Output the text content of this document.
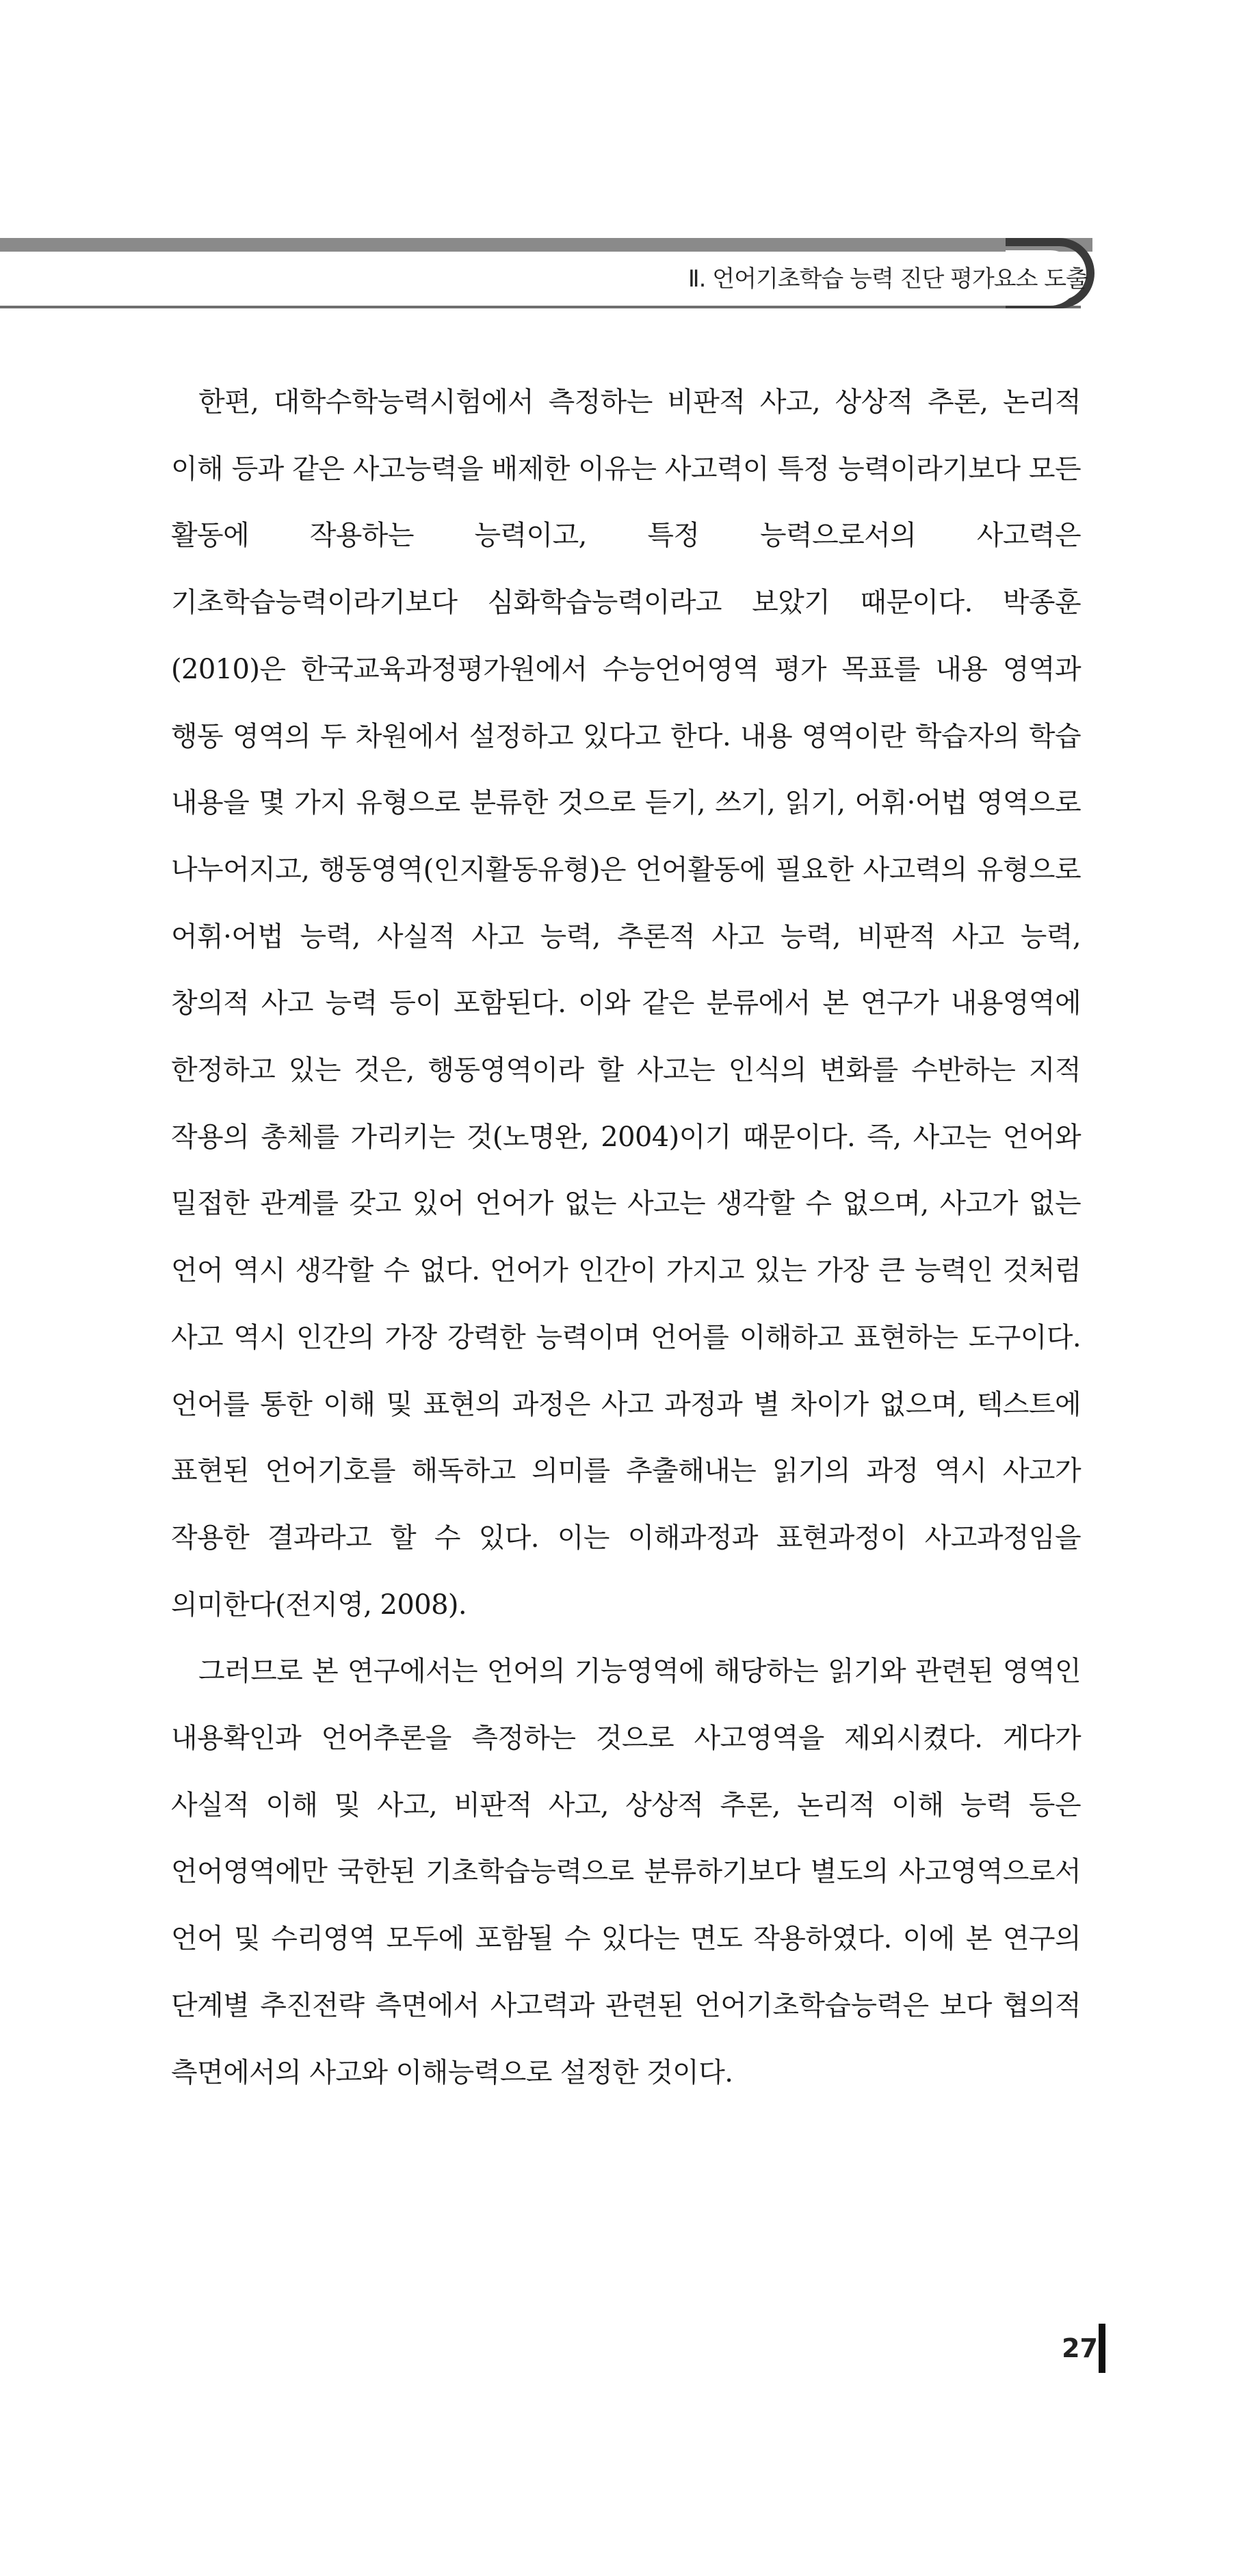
Ⅱ. 언어기초학습 능력 진단 평가요소 도출

한편, 대학수학능력시험에서 측정하는 비판적 사고, 상상적 추론, 논리적 이해 등과 같은 사고능력을 배제한 이유는 사고력이 특정 능력이라기보다 모든 활동에 작용하는 능력이고, 특정 능력으로서의 사고력은 기초학습능력이라기보다 심화학습능력이라고 보았기 때문이다. 박종훈(2010)은 한국교육과정평가원에서 수능언어영역 평가 목표를 내용 영역과 행동 영역의 두 차원에서 설정하고 있다고 한다. 내용 영역이란 학습자의 학습 내용을 몇 가지 유형으로 분류한 것으로 듣기, 쓰기, 읽기, 어휘·어법 영역으로 나누어지고, 행동영역(인지활동유형)은 언어활동에 필요한 사고력의 유형으로 어휘·어법 능력, 사실적 사고 능력, 추론적 사고 능력, 비판적 사고 능력, 창의적 사고 능력 등이 포함된다. 이와 같은 분류에서 본 연구가 내용영역에 한정하고 있는 것은, 행동영역이라 할 사고는 인식의 변화를 수반하는 지적 작용의 총체를 가리키는 것(노명완, 2004)이기 때문이다. 즉, 사고는 언어와 밀접한 관계를 갖고 있어 언어가 없는 사고는 생각할 수 없으며, 사고가 없는 언어 역시 생각할 수 없다. 언어가 인간이 가지고 있는 가장 큰 능력인 것처럼 사고 역시 인간의 가장 강력한 능력이며 언어를 이해하고 표현하는 도구이다. 언어를 통한 이해 및 표현의 과정은 사고 과정과 별 차이가 없으며, 텍스트에 표현된 언어기호를 해독하고 의미를 추출해내는 읽기의 과정 역시 사고가 작용한 결과라고 할 수 있다. 이는 이해과정과 표현과정이 사고과정임을 의미한다(전지영, 2008).

그러므로 본 연구에서는 언어의 기능영역에 해당하는 읽기와 관련된 영역인 내용확인과 언어추론을 측정하는 것으로 사고영역을 제외시켰다. 게다가 사실적 이해 및 사고, 비판적 사고, 상상적 추론, 논리적 이해 능력 등은 언어영역에만 국한된 기초학습능력으로 분류하기보다 별도의 사고영역으로서 언어 및 수리영역 모두에 포함될 수 있다는 면도 작용하였다. 이에 본 연구의 단계별 추진전략 측면에서 사고력과 관련된 언어기초학습능력은 보다 협의적 측면에서의 사고와 이해능력으로 설정한 것이다.

27
